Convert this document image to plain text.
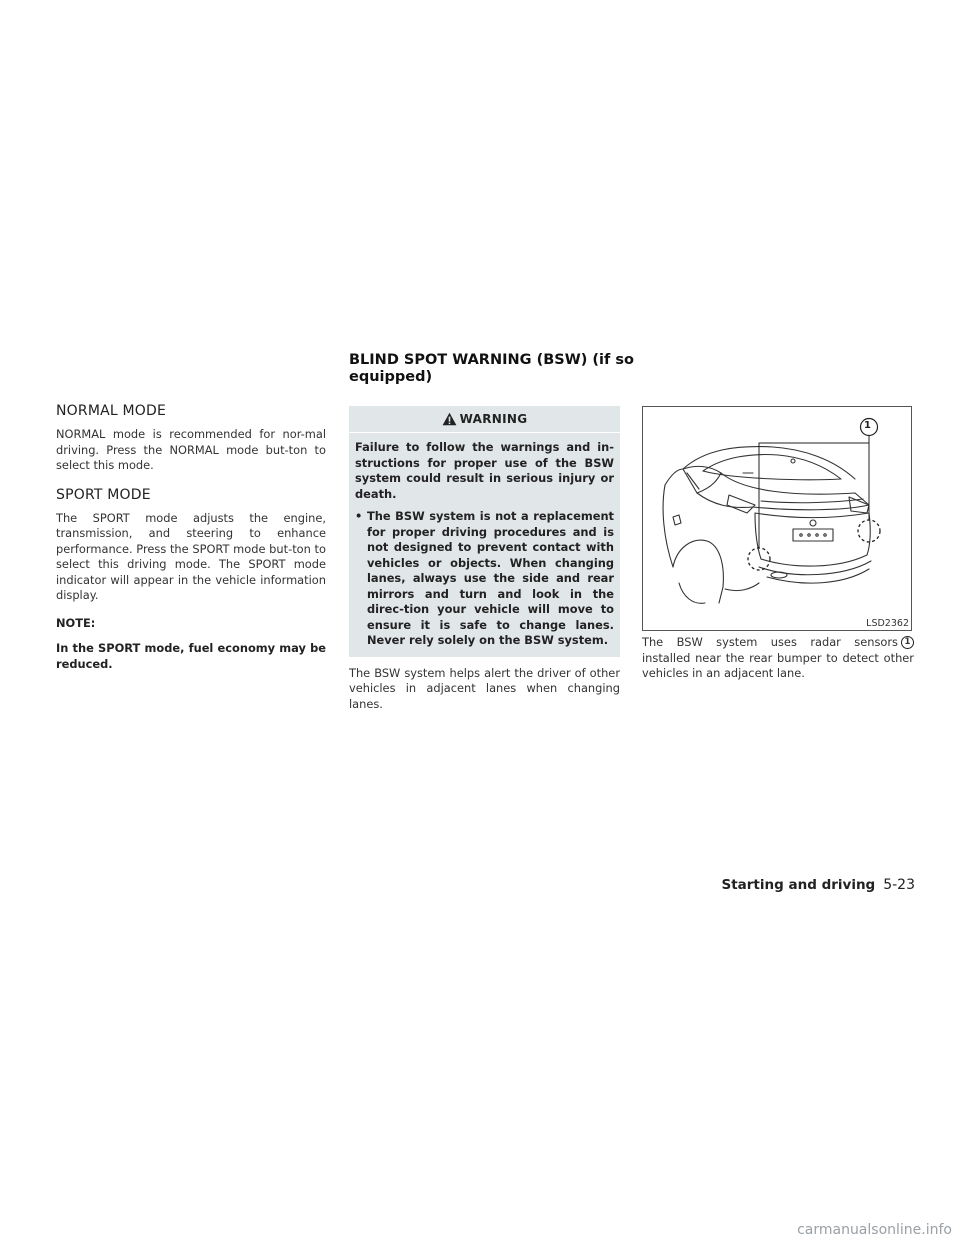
BLIND SPOT WARNING (BSW) (if so
equipped)
NORMAL MODE

NORMAL mode is recommended for nor-mal driving. Press the NORMAL mode but-ton to select this mode.

SPORT MODE

The SPORT mode adjusts the engine, transmission, and steering to enhance performance. Press the SPORT mode but-ton to select this driving mode. The SPORT mode indicator will appear in the vehicle information display.

NOTE:

In the SPORT mode, fuel economy may be reduced.

WARNING

Failure to follow the warnings and in-structions for proper use of the BSW system could result in serious injury or death.

• The BSW system is not a replacement for proper driving procedures and is not designed to prevent contact with vehicles or objects. When changing lanes, always use the side and rear mirrors and turn and look in the direc-tion your vehicle will move to ensure it is safe to change lanes. Never rely solely on the BSW system.

The BSW system helps alert the driver of other vehicles in adjacent lanes when changing lanes.

1
LSD2362

The BSW system uses radar sensors 1 installed near the rear bumper to detect other vehicles in an adjacent lane.

Starting and driving 5-23
carmanualsonline.info
